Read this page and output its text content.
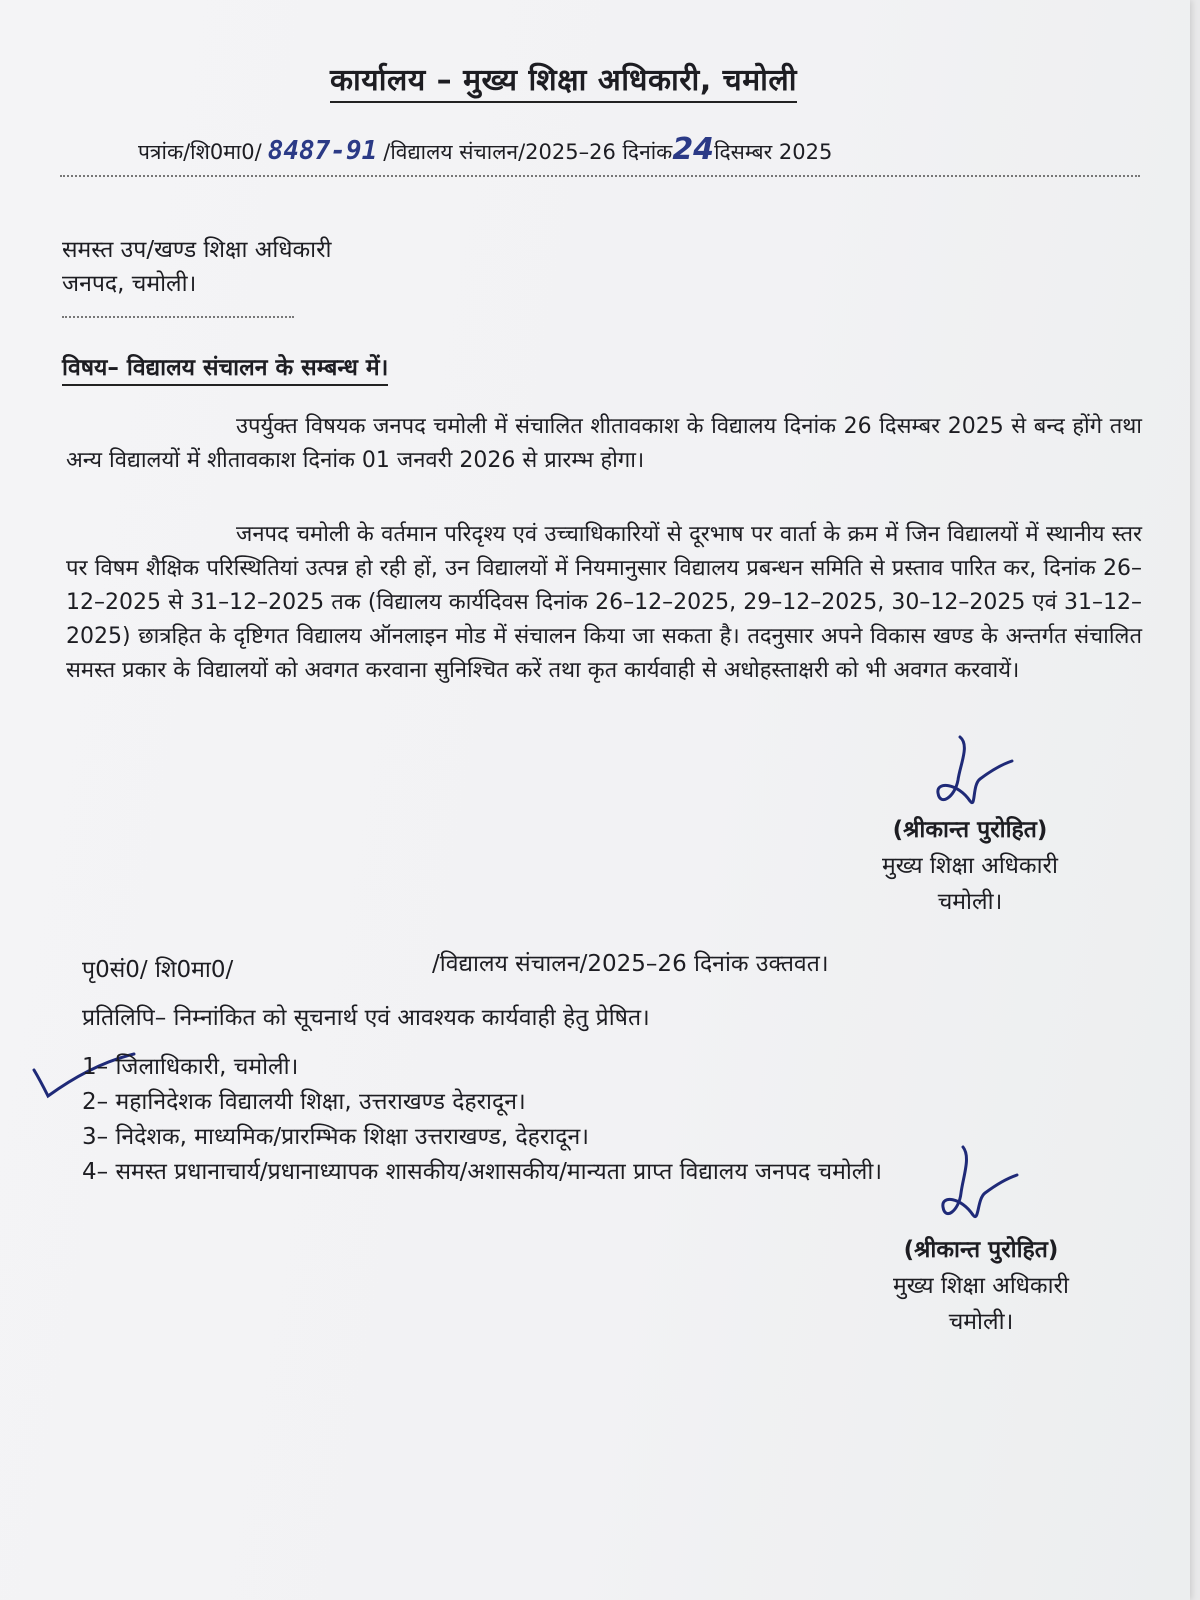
कार्यालय – मुख्य शिक्षा अधिकारी, चमोली
पत्रांक/शि0मा0/ 8487-91 /विद्यालय संचालन/2025–26 दिनांक24दिसम्बर 2025
समस्त उप/खण्ड शिक्षा अधिकारी
जनपद, चमोली।
विषय– विद्यालय संचालन के सम्बन्ध में।
उपर्युक्त विषयक जनपद चमोली में संचालित शीतावकाश के विद्यालय दिनांक 26 दिसम्बर 2025 से बन्द होंगे तथा अन्य विद्यालयों में शीतावकाश दिनांक 01 जनवरी 2026 से प्रारम्भ होगा।
जनपद चमोली के वर्तमान परिदृश्य एवं उच्चाधिकारियों से दूरभाष पर वार्ता के क्रम में जिन विद्यालयों में स्थानीय स्तर पर विषम शैक्षिक परिस्थितियां उत्पन्न हो रही हों, उन विद्यालयों में नियमानुसार विद्यालय प्रबन्धन समिति से प्रस्ताव पारित कर, दिनांक 26–12–2025 से 31–12–2025 तक (विद्यालय कार्यदिवस दिनांक 26–12–2025, 29–12–2025, 30–12–2025 एवं 31–12–2025) छात्रहित के दृष्टिगत विद्यालय ऑनलाइन मोड में संचालन किया जा सकता है। तदनुसार अपने विकास खण्ड के अन्तर्गत संचालित समस्त प्रकार के विद्यालयों को अवगत करवाना सुनिश्चित करें तथा कृत कार्यवाही से अधोहस्ताक्षरी को भी अवगत करवायें।
(श्रीकान्त पुरोहित)
मुख्य शिक्षा अधिकारी
चमोली।
पृ0सं0/ शि0मा0/	/विद्यालय संचालन/2025–26 दिनांक उक्तवत।
प्रतिलिपि– निम्नांकित को सूचनार्थ एवं आवश्यक कार्यवाही हेतु प्रेषित।
1– जिलाधिकारी, चमोली।
2– महानिदेशक विद्यालयी शिक्षा, उत्तराखण्ड देहरादून।
3– निदेशक, माध्यमिक/प्रारम्भिक शिक्षा उत्तराखण्ड, देहरादून।
4– समस्त प्रधानाचार्य/प्रधानाध्यापक शासकीय/अशासकीय/मान्यता प्राप्त विद्यालय जनपद चमोली।
(श्रीकान्त पुरोहित)
मुख्य शिक्षा अधिकारी
चमोली।
